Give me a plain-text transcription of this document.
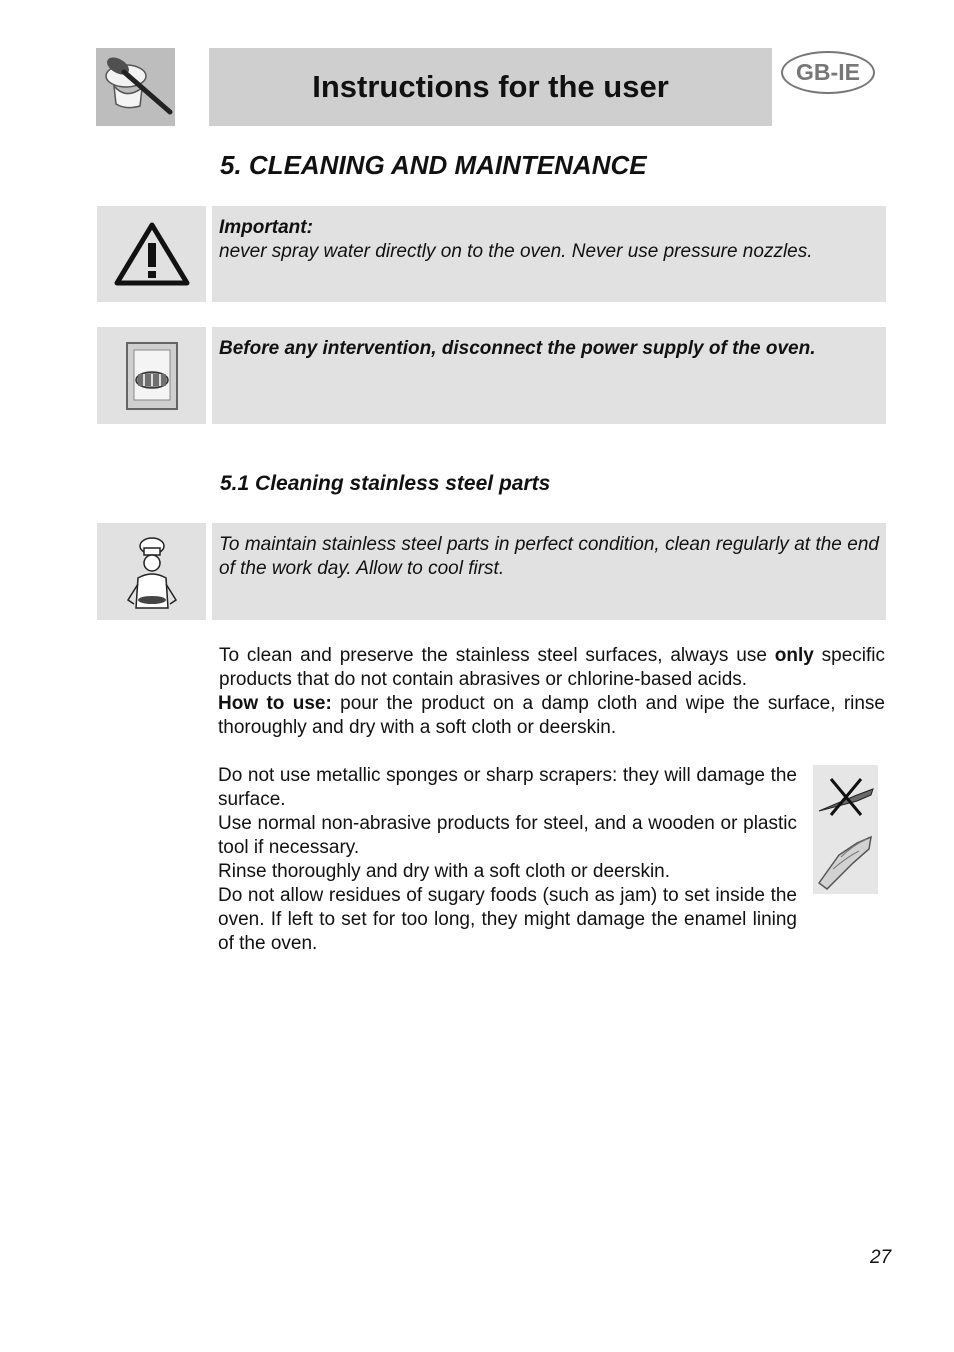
Instructions for the user	GB-IE
5. CLEANING AND MAINTENANCE
Important:
never spray water directly on to the oven. Never use pressure nozzles.
Before any intervention, disconnect the power supply of the oven.
5.1 Cleaning stainless steel parts
To maintain stainless steel parts in perfect condition, clean regularly at the end of the work day. Allow to cool first.
To clean and preserve the stainless steel surfaces, always use only specific products that do not contain abrasives or chlorine-based acids.
How to use: pour the product on a damp cloth and wipe the surface, rinse thoroughly and dry with a soft cloth or deerskin.
Do not use metallic sponges or sharp scrapers: they will damage the surface.
Use normal non-abrasive products for steel, and a wooden or plastic tool if necessary.
Rinse thoroughly and dry with a soft cloth or deerskin.
Do not allow residues of sugary foods (such as jam) to set inside the oven. If left to set for too long, they might damage the enamel lining of the oven.
27
